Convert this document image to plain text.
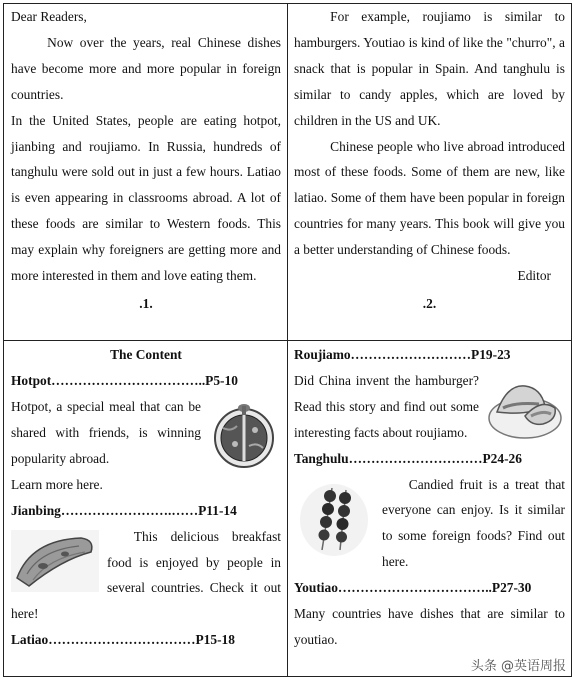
Dear Readers,

Now over the years, real Chinese dishes have become more and more popular in foreign countries.

In the United States, people are eating hotpot, jianbing and roujiamo. In Russia, hundreds of tanghulu were sold out in just a few hours. Latiao is even appearing in classrooms abroad. A lot of these foods are similar to Western foods. This may explain why foreigners are getting more and more interested in them and love eating them.

.1.

For example, roujiamo is similar to hamburgers. Youtiao is kind of like the "churro", a snack that is popular in Spain. And tanghulu is similar to candy apples, which are loved by children in the US and UK.

Chinese people who live abroad introduced most of these foods. Some of them are new, like latiao. Some of them have been popular in foreign countries for many years. This book will give you a better understanding of Chinese foods.

Editor

.2.

The Content

Hotpot……………………………..P5-10

Hotpot, a special meal that can be shared with friends, is winning popularity abroad.

Learn more here.

Jianbing…………………….……P11-14

This delicious breakfast food is enjoyed by people in several countries. Check it out here!

Latiao……………………………P15-18

Roujiamo………………………P19-23

Did China invent the hamburger? Read this story and find out some interesting facts about roujiamo.

Tanghulu…………………………P24-26

Candied fruit is a treat that everyone can enjoy. Is it similar to some foreign foods? Find out here.

Youtiao……………………………..P27-30

Many countries have dishes that are similar to youtiao.

头条 @英语周报
